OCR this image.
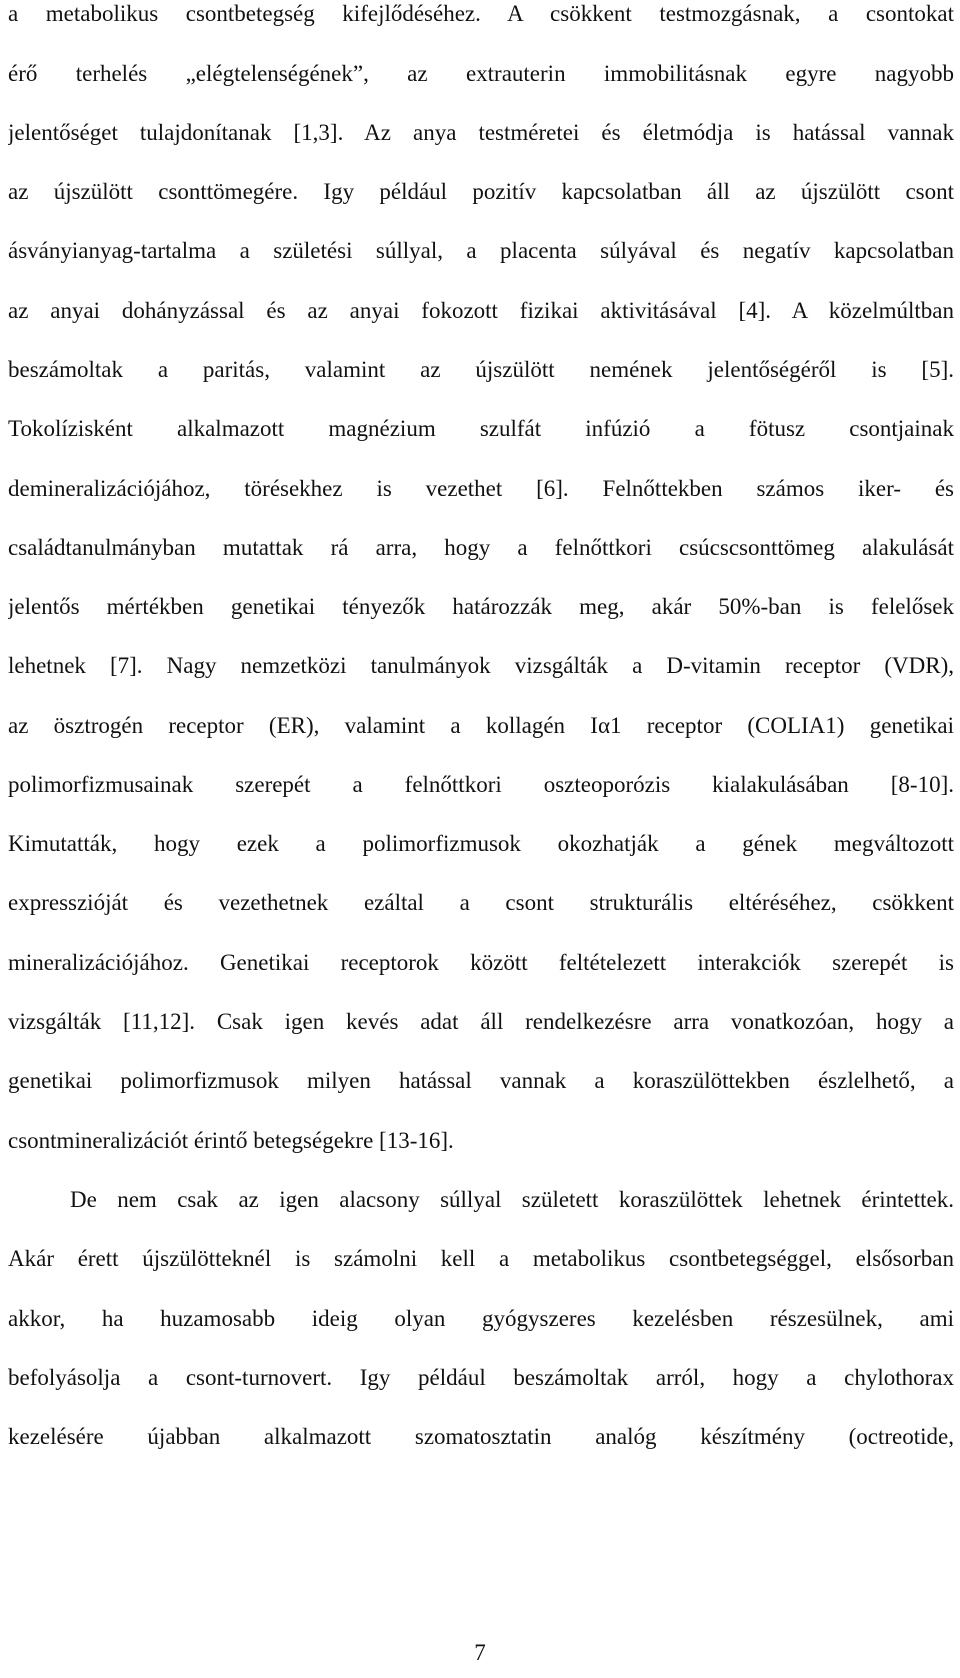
a metabolikus csontbetegség kifejlődéséhez. A csökkent testmozgásnak, a csontokat
érő terhelés „elégtelenségének”, az extrauterin immobilitásnak egyre nagyobb
jelentőséget tulajdonítanak [1,3]. Az anya testméretei és életmódja is hatással vannak
az újszülött csonttömegére. Igy például pozitív kapcsolatban áll az újszülött csont
ásványianyag-tartalma a születési súllyal, a placenta súlyával és negatív kapcsolatban
az anyai dohányzással és az anyai fokozott fizikai aktivitásával [4]. A közelmúltban
beszámoltak a paritás, valamint az újszülött nemének jelentőségéről is [5].
Tokolízisként alkalmazott magnézium szulfát infúzió a fötusz csontjainak
demineralizációjához, törésekhez is vezethet [6]. Felnőttekben számos iker- és
családtanulmányban mutattak rá arra, hogy a felnőttkori csúcscsonttömeg alakulását
jelentős mértékben genetikai tényezők határozzák meg, akár 50%-ban is felelősek
lehetnek [7]. Nagy nemzetközi tanulmányok vizsgálták a D-vitamin receptor (VDR),
az ösztrogén receptor (ER), valamint a kollagén Iα1 receptor (COLIA1) genetikai
polimorfizmusainak szerepét a felnőttkori oszteoporózis kialakulásában [8-10].
Kimutatták, hogy ezek a polimorfizmusok okozhatják a gének megváltozott
expresszióját és vezethetnek ezáltal a csont strukturális eltéréséhez, csökkent
mineralizációjához. Genetikai receptorok között feltételezett interakciók szerepét is
vizsgálták [11,12]. Csak igen kevés adat áll rendelkezésre arra vonatkozóan, hogy a
genetikai polimorfizmusok milyen hatással vannak a koraszülöttekben észlelhető, a
csontmineralizációt érintő betegségekre [13-16].
De nem csak az igen alacsony súllyal született koraszülöttek lehetnek érintettek.
Akár érett újszülötteknél is számolni kell a metabolikus csontbetegséggel, elsősorban
akkor, ha huzamosabb ideig olyan gyógyszeres kezelésben részesülnek, ami
befolyásolja a csont-turnovert. Igy például beszámoltak arról, hogy a chylothorax
kezelésére újabban alkalmazott szomatosztatin analóg készítmény (octreotide,
7
